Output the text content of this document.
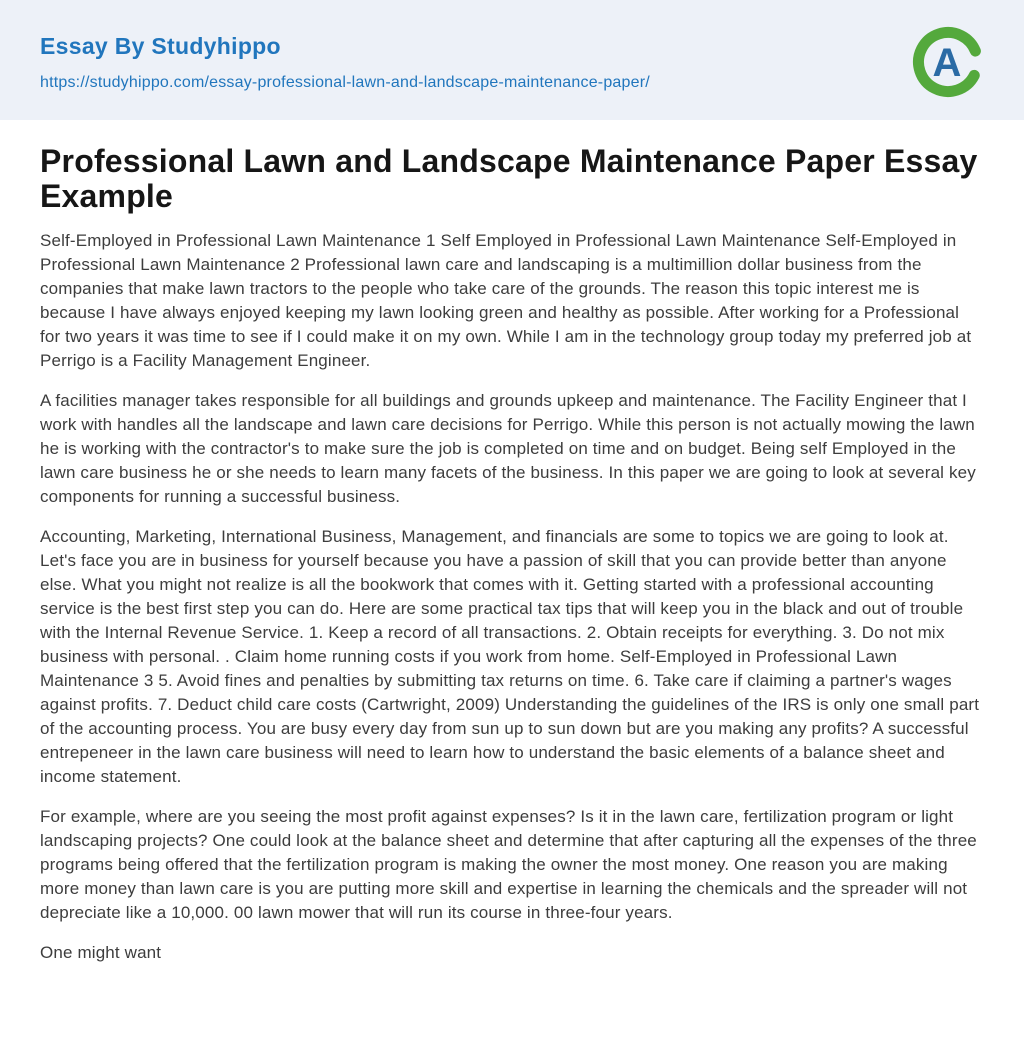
Essay By Studyhippo
https://studyhippo.com/essay-professional-lawn-and-landscape-maintenance-paper/	A
Professional Lawn and Landscape Maintenance Paper Essay Example

Self-Employed in Professional Lawn Maintenance 1 Self Employed in Professional Lawn Maintenance Self-Employed in Professional Lawn Maintenance 2 Professional lawn care and landscaping is a multimillion dollar business from the companies that make lawn tractors to the people who take care of the grounds. The reason this topic interest me is because I have always enjoyed keeping my lawn looking green and healthy as possible. After working for a Professional for two years it was time to see if I could make it on my own. While I am in the technology group today my preferred job at Perrigo is a Facility Management Engineer.

A facilities manager takes responsible for all buildings and grounds upkeep and maintenance. The Facility Engineer that I work with handles all the landscape and lawn care decisions for Perrigo. While this person is not actually mowing the lawn he is working with the contractor's to make sure the job is completed on time and on budget. Being self Employed in the lawn care business he or she needs to learn many facets of the business. In this paper we are going to look at several key components for running a successful business.

Accounting, Marketing, International Business, Management, and financials are some to topics we are going to look at. Let's face you are in business for yourself because you have a passion of skill that you can provide better than anyone else. What you might not realize is all the bookwork that comes with it. Getting started with a professional accounting service is the best first step you can do. Here are some practical tax tips that will keep you in the black and out of trouble with the Internal Revenue Service. 1. Keep a record of all transactions. 2. Obtain receipts for everything. 3. Do not mix business with personal. . Claim home running costs if you work from home. Self-Employed in Professional Lawn Maintenance 3 5. Avoid fines and penalties by submitting tax returns on time. 6. Take care if claiming a partner's wages against profits. 7. Deduct child care costs (Cartwright, 2009) Understanding the guidelines of the IRS is only one small part of the accounting process. You are busy every day from sun up to sun down but are you making any profits? A successful entrepeneer in the lawn care business will need to learn how to understand the basic elements of a balance sheet and income statement.

For example, where are you seeing the most profit against expenses? Is it in the lawn care, fertilization program or light landscaping projects? One could look at the balance sheet and determine that after capturing all the expenses of the three programs being offered that the fertilization program is making the owner the most money. One reason you are making more money than lawn care is you are putting more skill and expertise in learning the chemicals and the spreader will not depreciate like a 10,000. 00 lawn mower that will run its course in three-four years.

One might want
